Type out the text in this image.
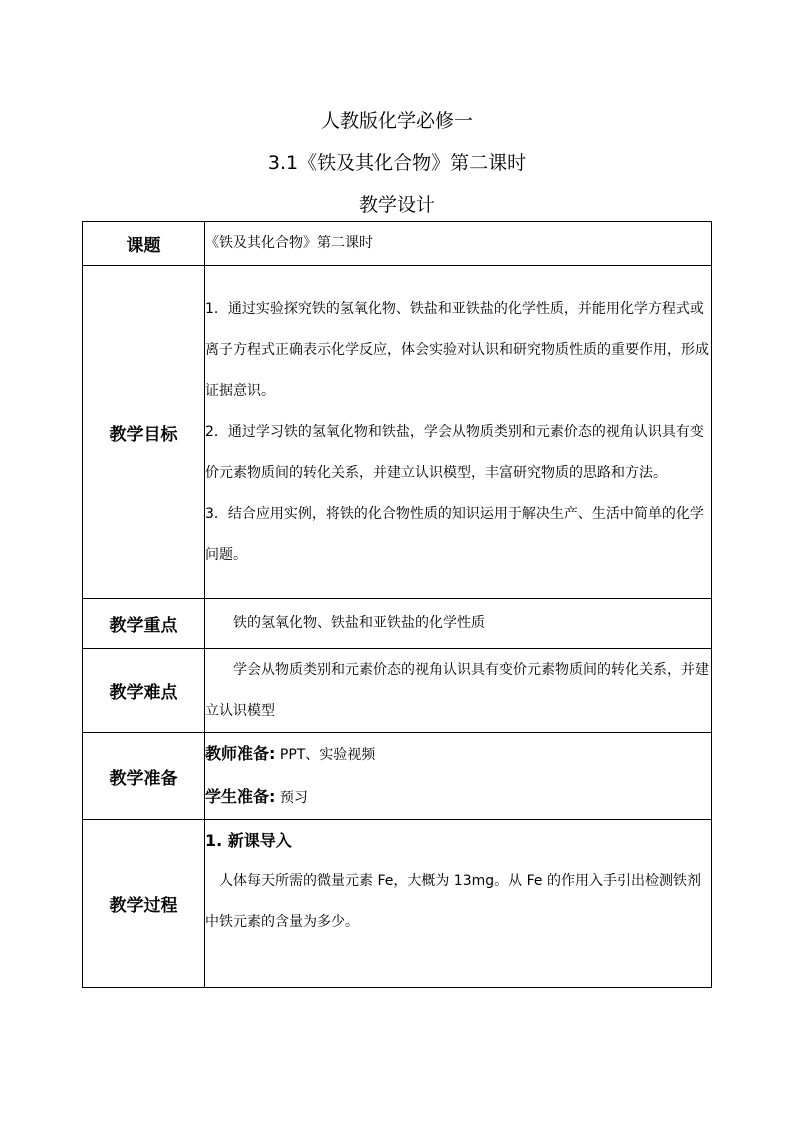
人教版化学必修一
3.1《铁及其化合物》第二课时
教学设计
课题	《铁及其化合物》第二课时
教学目标	1．通过实验探究铁的氢氧化物、铁盐和亚铁盐的化学性质，并能用化学方程式或离子方程式正确表示化学反应，体会实验对认识和研究物质性质的重要作用，形成证据意识。

2．通过学习铁的氢氧化物和铁盐，学会从物质类别和元素价态的视角认识具有变价元素物质间的转化关系，并建立认识模型，丰富研究物质的思路和方法。

3．结合应用实例，将铁的化合物性质的知识运用于解决生产、生活中简单的化学问题。

教学重点	铁的氢氧化物、铁盐和亚铁盐的化学性质

教学难点	学会从物质类别和元素价态的视角认识具有变价元素物质间的转化关系，并建立认识模型

教学准备	教师准备: PPT、实验视频

学生准备: 预习

教学过程	1. 新课导入

人体每天所需的微量元素 Fe，大概为 13mg。从 Fe 的作用入手引出检测铁剂中铁元素的含量为多少。
